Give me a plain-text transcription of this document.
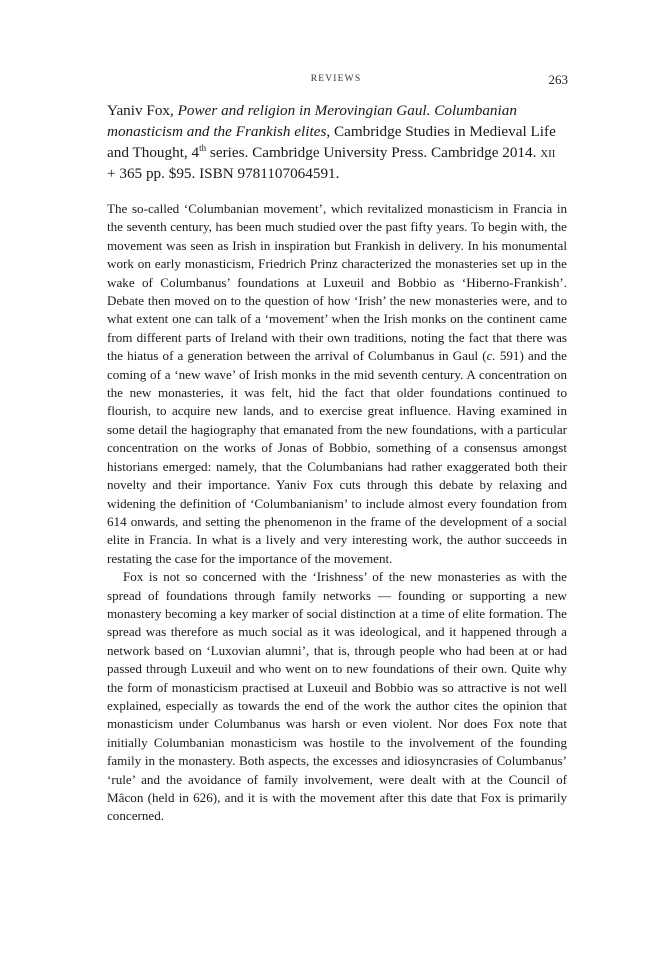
REVIEWS	263

Yaniv Fox, Power and religion in Merovingian Gaul. Columbanian monasticism and the Frankish elites, Cambridge Studies in Medieval Life and Thought, 4th series. Cambridge University Press. Cambridge 2014. xii + 365 pp. $95. ISBN 9781107064591.

The so-called ‘Columbanian movement’, which revitalized monasticism in Francia in the seventh century, has been much studied over the past fifty years. To begin with, the movement was seen as Irish in inspiration but Frankish in delivery. In his monumental work on early monasticism, Friedrich Prinz characterized the monasteries set up in the wake of Columbanus’ foundations at Luxeuil and Bobbio as ‘Hiberno-Frankish’. Debate then moved on to the question of how ‘Irish’ the new monasteries were, and to what extent one can talk of a ‘movement’ when the Irish monks on the continent came from different parts of Ireland with their own traditions, noting the fact that there was the hiatus of a generation between the arrival of Columbanus in Gaul (c. 591) and the coming of a ‘new wave’ of Irish monks in the mid seventh century. A concentration on the new monasteries, it was felt, hid the fact that older foundations continued to flourish, to acquire new lands, and to exercise great influence. Having examined in some detail the hagiography that emanated from the new foundations, with a particular concentration on the works of Jonas of Bobbio, something of a consensus amongst historians emerged: namely, that the Columbanians had rather exaggerated both their novelty and their importance. Yaniv Fox cuts through this debate by relaxing and widening the definition of ‘Columbanianism’ to include almost every foundation from 614 onwards, and setting the phenomenon in the frame of the development of a social elite in Francia. In what is a lively and very interesting work, the author succeeds in restating the case for the importance of the movement.

Fox is not so concerned with the ‘Irishness’ of the new monasteries as with the spread of foundations through family networks — founding or supporting a new monastery becoming a key marker of social distinction at a time of elite formation. The spread was therefore as much social as it was ideological, and it happened through a network based on ‘Luxovian alumni’, that is, through people who had been at or had passed through Luxeuil and who went on to new foundations of their own. Quite why the form of monasticism practised at Luxeuil and Bobbio was so attractive is not well explained, especially as towards the end of the work the author cites the opinion that monasticism under Columbanus was harsh or even violent. Nor does Fox note that initially Columbanian monasticism was hostile to the involvement of the founding family in the monastery. Both aspects, the excesses and idiosyncrasies of Columbanus’ ‘rule’ and the avoidance of family involvement, were dealt with at the Council of Mâcon (held in 626), and it is with the movement after this date that Fox is primarily concerned.
